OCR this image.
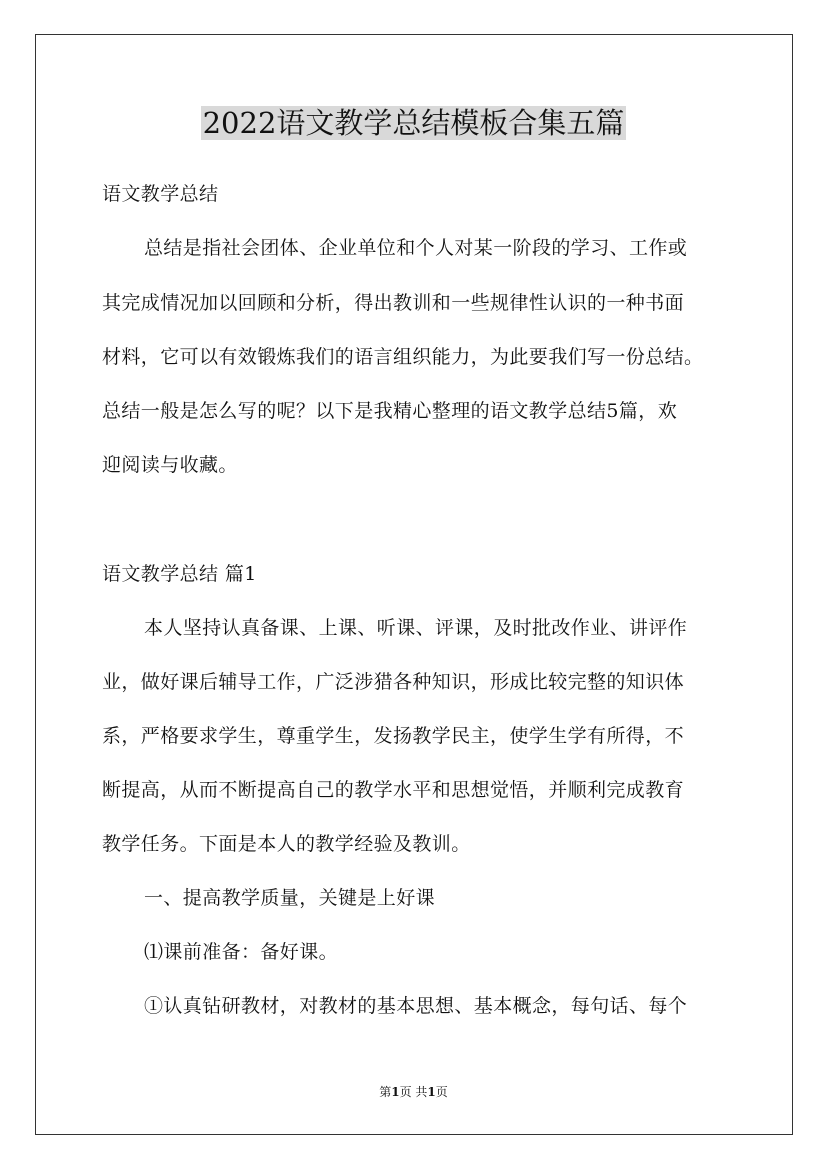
2022语文教学总结模板合集五篇
语文教学总结
总结是指社会团体、企业单位和个人对某一阶段的学习、工作或
其完成情况加以回顾和分析，得出教训和一些规律性认识的一种书面
材料，它可以有效锻炼我们的语言组织能力，为此要我们写一份总结。
总结一般是怎么写的呢？以下是我精心整理的语文教学总结5篇，欢
迎阅读与收藏。
语文教学总结 篇1
本人坚持认真备课、上课、听课、评课，及时批改作业、讲评作
业，做好课后辅导工作，广泛涉猎各种知识，形成比较完整的知识体
系，严格要求学生，尊重学生，发扬教学民主，使学生学有所得，不
断提高，从而不断提高自己的教学水平和思想觉悟，并顺利完成教育
教学任务。下面是本人的教学经验及教训。
一、提高教学质量，关键是上好课
⑴课前准备：备好课。
①认真钻研教材，对教材的基本思想、基本概念，每句话、每个
第1页 共1页
